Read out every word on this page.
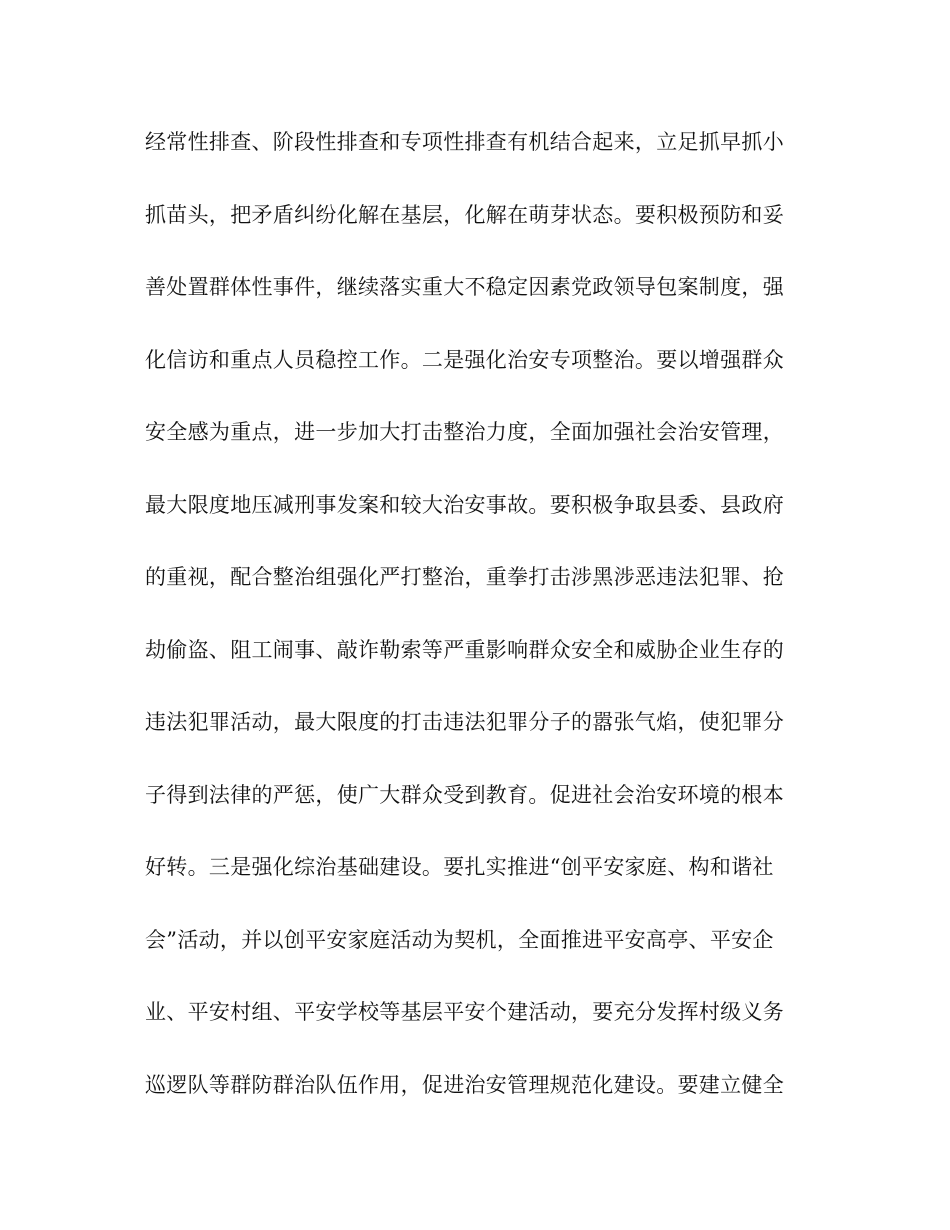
经常性排查、阶段性排查和专项性排查有机结合起来，立足抓早抓小
抓苗头，把矛盾纠纷化解在基层，化解在萌芽状态。要积极预防和妥
善处置群体性事件，继续落实重大不稳定因素党政领导包案制度，强
化信访和重点人员稳控工作。二是强化治安专项整治。要以增强群众
安全感为重点，进一步加大打击整治力度，全面加强社会治安管理，
最大限度地压减刑事发案和较大治安事故。要积极争取县委、县政府
的重视，配合整治组强化严打整治，重拳打击涉黑涉恶违法犯罪、抢
劫偷盗、阻工闹事、敲诈勒索等严重影响群众安全和威胁企业生存的
违法犯罪活动，最大限度的打击违法犯罪分子的嚣张气焰，使犯罪分
子得到法律的严惩，使广大群众受到教育。促进社会治安环境的根本
好转。三是强化综治基础建设。要扎实推进“创平安家庭、构和谐社
会”活动，并以创平安家庭活动为契机，全面推进平安高亭、平安企
业、平安村组、平安学校等基层平安个建活动，要充分发挥村级义务
巡逻队等群防群治队伍作用，促进治安管理规范化建设。要建立健全
